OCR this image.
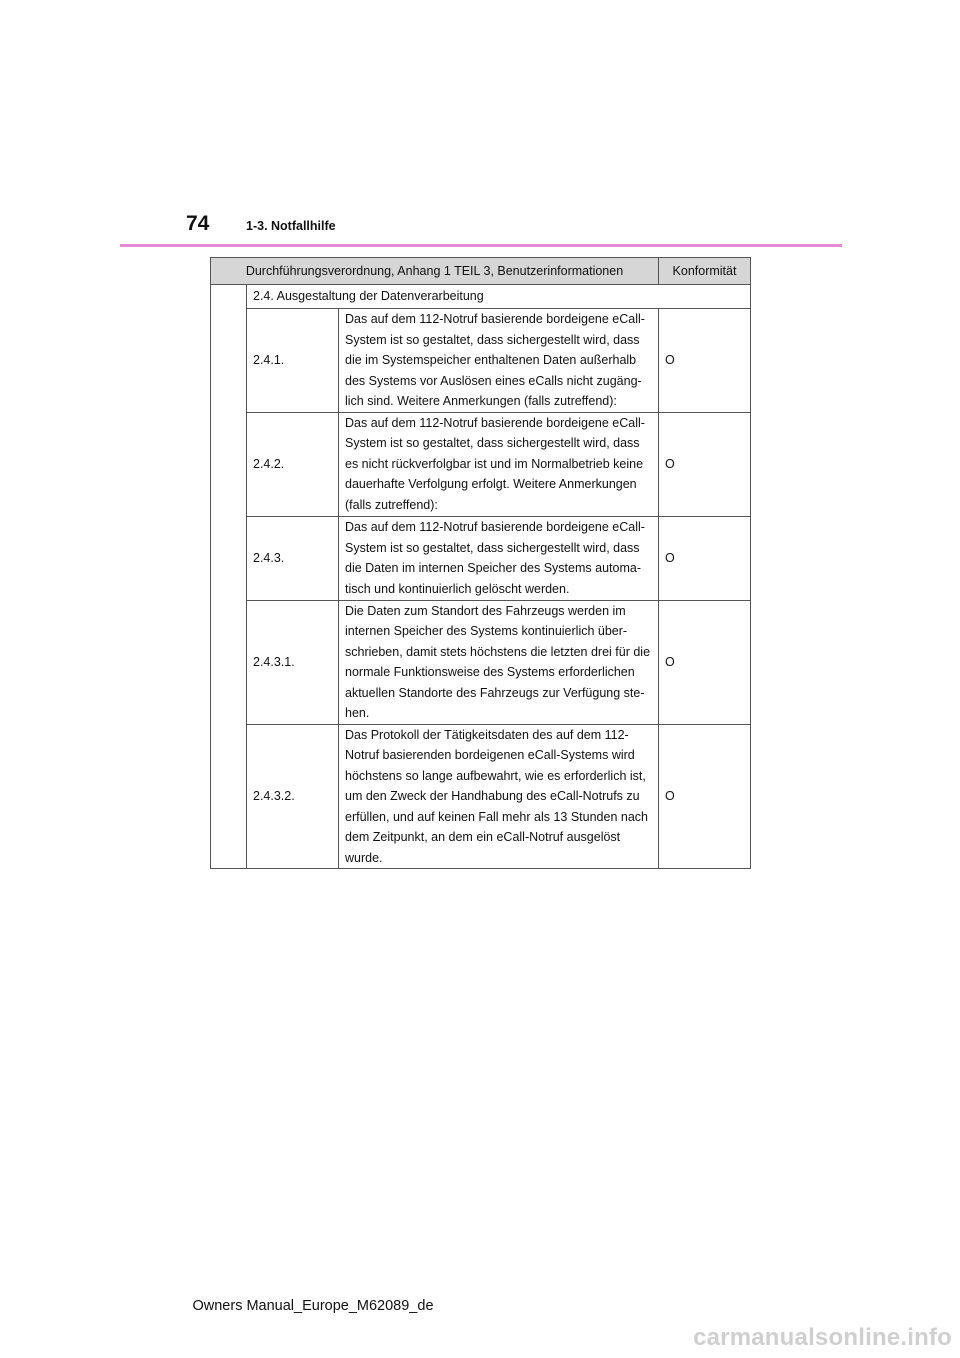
74	1-3. Notfallhilfe
Durchführungsverordnung, Anhang 1 TEIL 3, Benutzerinformationen			Konformität
	2.4. Ausgestaltung der Datenverarbeitung		
	2.4.1.	Das auf dem 112-Notruf basierende bordeigene eCall-System ist so gestaltet, dass sichergestellt wird, dass die im Systemspeicher enthaltenen Daten außerhalb des Systems vor Auslösen eines eCalls nicht zugäng-lich sind. Weitere Anmerkungen (falls zutreffend):	O
	2.4.2.	Das auf dem 112-Notruf basierende bordeigene eCall-System ist so gestaltet, dass sichergestellt wird, dass es nicht rückverfolgbar ist und im Normalbetrieb keine dauerhafte Verfolgung erfolgt. Weitere Anmerkungen (falls zutreffend):	O
	2.4.3.	Das auf dem 112-Notruf basierende bordeigene eCall-System ist so gestaltet, dass sichergestellt wird, dass die Daten im internen Speicher des Systems automa-tisch und kontinuierlich gelöscht werden.	O
	2.4.3.1.	Die Daten zum Standort des Fahrzeugs werden im internen Speicher des Systems kontinuierlich über-schrieben, damit stets höchstens die letzten drei für die normale Funktionsweise des Systems erforderlichen aktuellen Standorte des Fahrzeugs zur Verfügung ste-hen.	O
	2.4.3.2.	Das Protokoll der Tätigkeitsdaten des auf dem 112-Notruf basierenden bordeigenen eCall-Systems wird höchstens so lange aufbewahrt, wie es erforderlich ist, um den Zweck der Handhabung des eCall-Notrufs zu erfüllen, und auf keinen Fall mehr als 13 Stunden nach dem Zeitpunkt, an dem ein eCall-Notruf ausgelöst wurde.	O
Owners Manual_Europe_M62089_de
carmanualsonline.info
